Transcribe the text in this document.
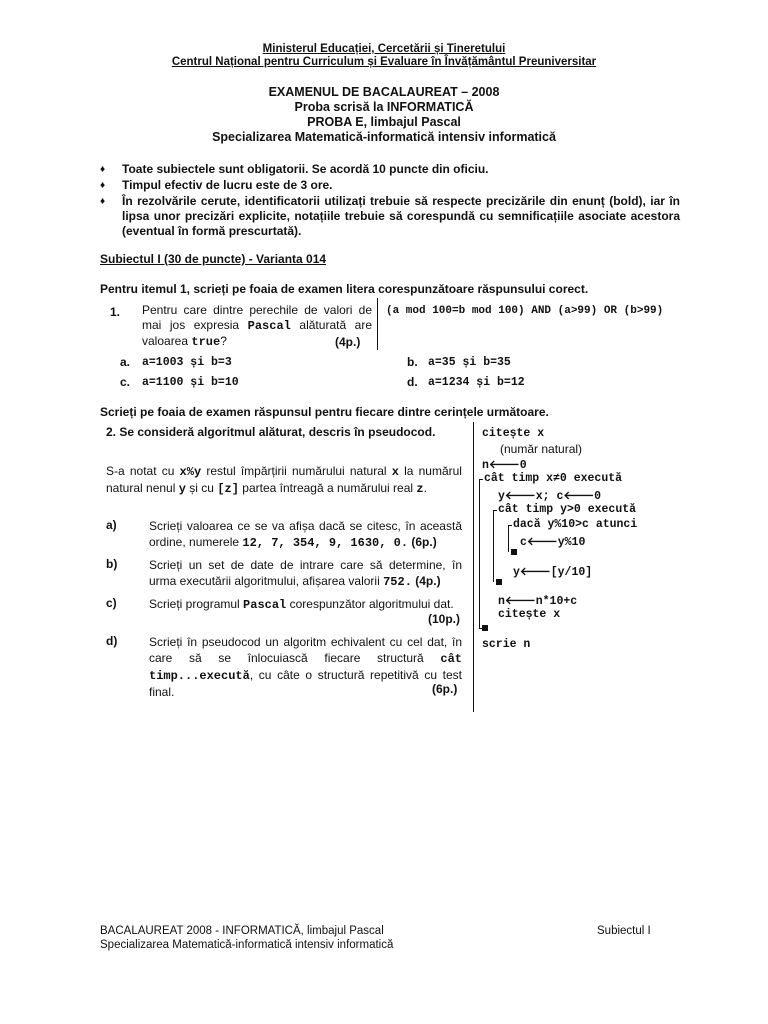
Ministerul Educației, Cercetării și Tineretului
Centrul Național pentru Curriculum și Evaluare în Învățământul Preuniversitar
EXAMENUL DE BACALAUREAT – 2008
Proba scrisă la INFORMATICĂ
PROBA E, limbajul Pascal
Specializarea Matematică-informatică intensiv informatică
♦ Toate subiectele sunt obligatorii. Se acordă 10 puncte din oficiu.
♦ Timpul efectiv de lucru este de 3 ore.
♦ În rezolvările cerute, identificatorii utilizați trebuie să respecte precizările din enunț (bold), iar în lipsa unor precizări explicite, notațiile trebuie să corespundă cu semnificațiile asociate acestora (eventual în formă prescurtată).
Subiectul I (30 de puncte) - Varianta 014
Pentru itemul 1, scrieți pe foaia de examen litera corespunzătoare răspunsului corect.
1. Pentru care dintre perechile de valori de mai jos expresia Pascal alăturată are valoarea true?	(4p.)
(a mod 100=b mod 100) AND (a>99) OR (b>99)
a. a=1003 și b=3	b. a=35 și b=35
c. a=1100 și b=10	d. a=1234 și b=12
Scrieți pe foaia de examen răspunsul pentru fiecare dintre cerințele următoare.
2. Se consideră algoritmul alăturat, descris în pseudocod.
S-a notat cu x%y restul împărțirii numărului natural x la numărul natural nenul y și cu [z] partea întreagă a numărului real z.
a)	Scrieți valoarea ce se va afișa dacă se citesc, în această ordine, numerele 12, 7, 354, 9, 1630, 0. (6p.)
b)	Scrieți un set de date de intrare care să determine, în urma executării algoritmului, afișarea valorii 752. (4p.)
c)	Scrieți programul Pascal corespunzător algoritmului dat.
(10p.)
d)	Scrieți în pseudocod un algoritm echivalent cu cel dat, în care să se înlocuiască fiecare structură cât timp...execută, cu câte o structură repetitivă cu test final.	(6p.)
citește x
(număr natural)
n🡐0
cât timp x≠0 execută
y🡐x; c🡐0
cât timp y>0 execută
dacă y%10>c atunci
c🡐y%10
y🡐[y/10]
n🡐n*10+c
citește x
scrie n
BACALAUREAT 2008 - INFORMATICĂ, limbajul Pascal
Specializarea Matematică-informatică intensiv informatică
Subiectul I
